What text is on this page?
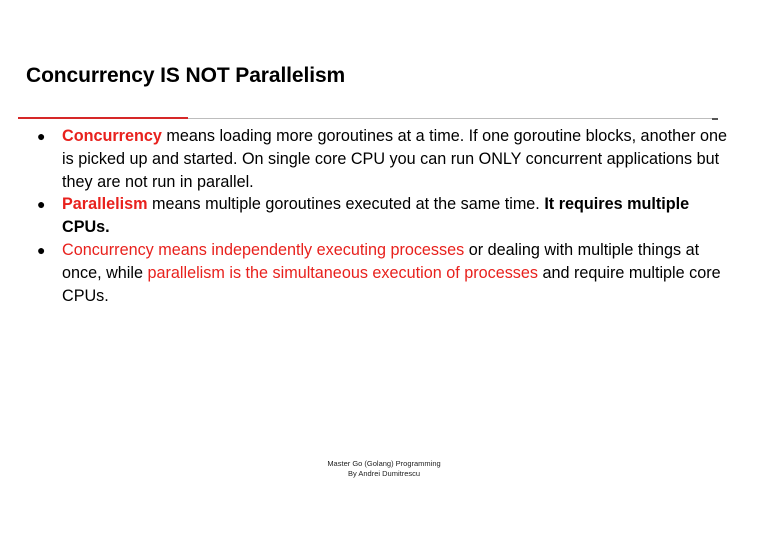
Concurrency IS NOT Parallelism
● Concurrency means loading more goroutines at a time. If one goroutine blocks, another one is picked up and started. On single core CPU you can run ONLY concurrent applications but they are not run in parallel.
● Parallelism means multiple goroutines executed at the same time. It requires multiple CPUs.
● Concurrency means independently executing processes or dealing with multiple things at once, while parallelism is the simultaneous execution of processes and require multiple core CPUs.
Master Go (Golang) Programming
By Andrei Dumitrescu
